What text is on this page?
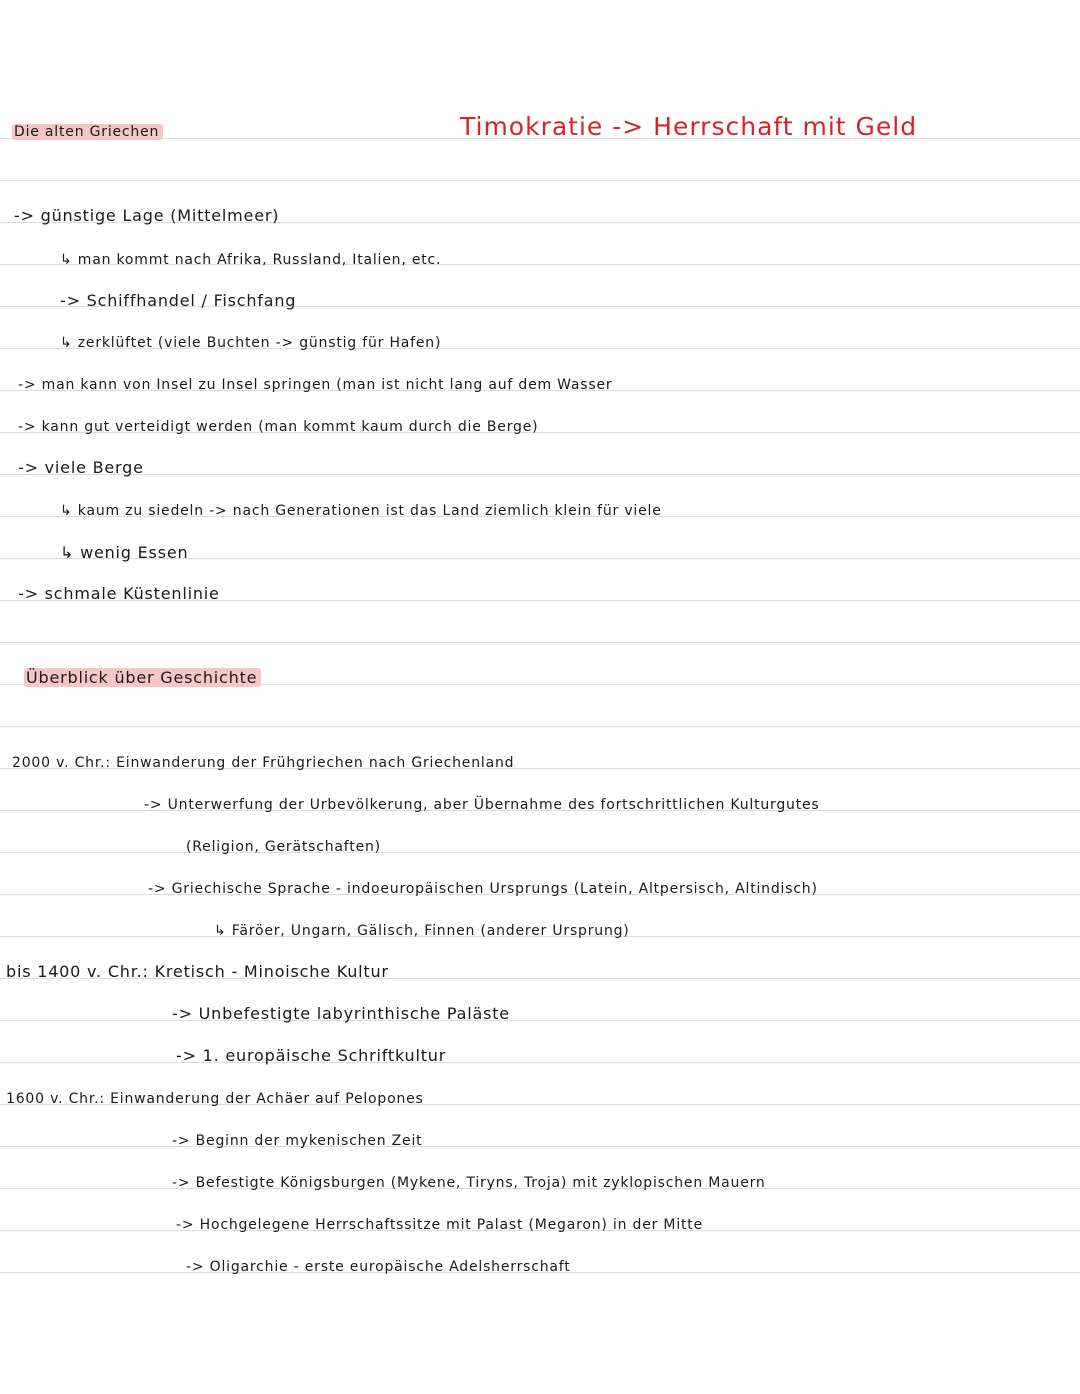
Die alten Griechen	Timokratie -> Herrschaft mit Geld
-> günstige Lage (Mittelmeer)
↳ man kommt nach Afrika, Russland, Italien, etc.
-> Schiffhandel / Fischfang
↳ zerklüftet (viele Buchten -> günstig für Hafen)
-> man kann von Insel zu Insel springen (man ist nicht lang auf dem Wasser
-> kann gut verteidigt werden (man kommt kaum durch die Berge)
-> viele Berge
↳ kaum zu siedeln -> nach Generationen ist das Land ziemlich klein für viele
↳ wenig Essen
-> schmale Küstenlinie
Überblick über Geschichte
2000 v. Chr.: Einwanderung der Frühgriechen nach Griechenland
-> Unterwerfung der Urbevölkerung, aber Übernahme des fortschrittlichen Kulturgutes
(Religion, Gerätschaften)
-> Griechische Sprache - indoeuropäischen Ursprungs (Latein, Altpersisch, Altindisch)
↳ Färöer, Ungarn, Gälisch, Finnen (anderer Ursprung)
bis 1400 v. Chr.: Kretisch - Minoische Kultur
-> Unbefestigte labyrinthische Paläste
-> 1. europäische Schriftkultur
1600 v. Chr.: Einwanderung der Achäer auf Pelopones
-> Beginn der mykenischen Zeit
-> Befestigte Königsburgen (Mykene, Tiryns, Troja) mit zyklopischen Mauern
-> Hochgelegene Herrschaftssitze mit Palast (Megaron) in der Mitte
-> Oligarchie - erste europäische Adelsherrschaft
